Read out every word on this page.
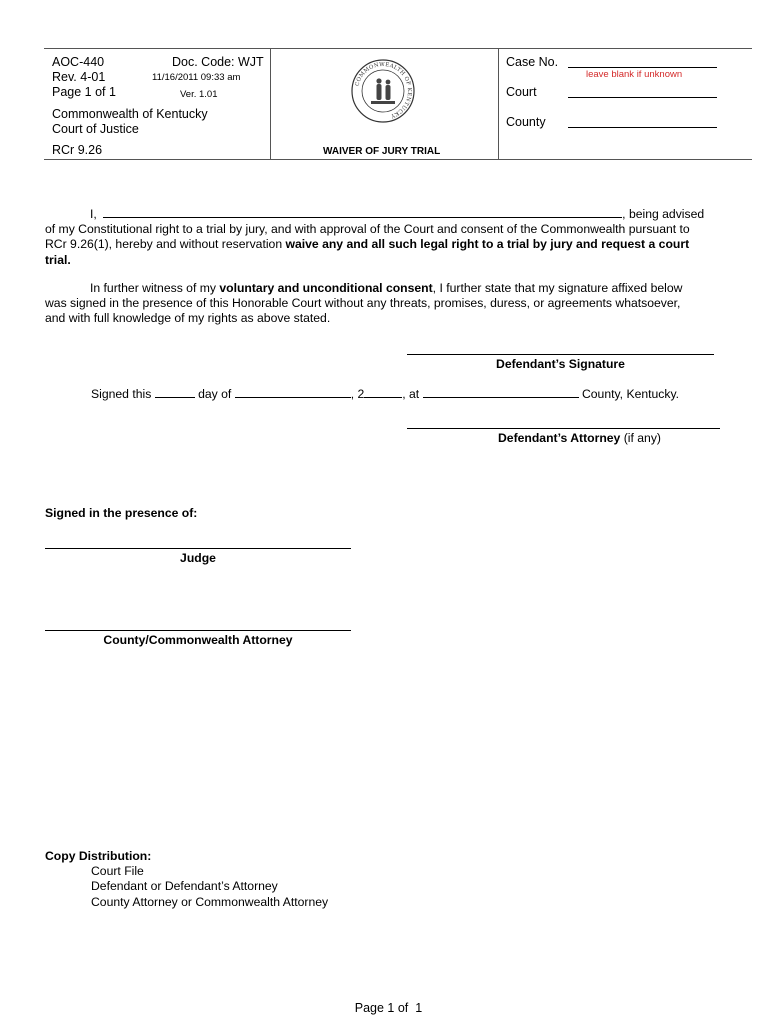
AOC-440
Rev. 4-01
Page 1 of 1
Doc. Code: WJT
11/16/2011 09:33 am
Ver. 1.01
Commonwealth of Kentucky
Court of Justice
RCr 9.26
COMMONWEALTH OF KENTUCKY
WAIVER OF JURY TRIAL
Case No.
leave blank if unknown
Court
County
I,	, being advised
of my Constitutional right to a trial by jury, and with approval of the Court and consent of the Commonwealth pursuant to
RCr 9.26(1), hereby and without reservation waive any and all such legal right to a trial by jury and request a court
trial.
In further witness of my voluntary and unconditional consent, I further state that my signature affixed below
was signed in the presence of this Honorable Court without any threats, promises, duress, or agreements whatsoever,
and with full knowledge of my rights as above stated.
Defendant’s Signature
Signed this	day of	, 2	, at	County, Kentucky.
Defendant’s Attorney (if any)
Signed in the presence of:
Judge
County/Commonwealth Attorney
Copy Distribution:
Court File
Defendant or Defendant’s Attorney
County Attorney or Commonwealth Attorney

Page 1 of  1
